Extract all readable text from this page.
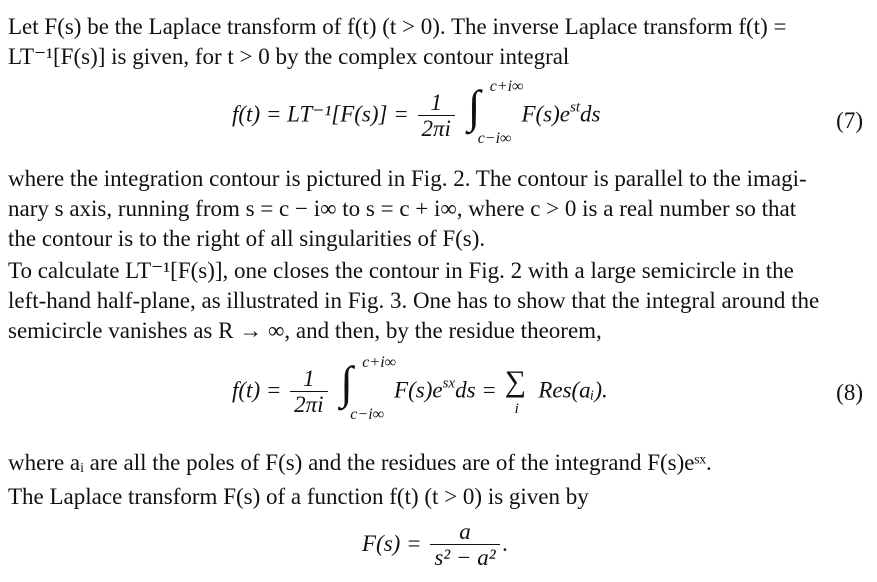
Let F(s) be the Laplace transform of f(t) (t > 0). The inverse Laplace transform f(t) =
LT⁻¹[F(s)] is given, for t > 0 by the complex contour integral
$f(t) = LT^{-1}[F(s)] = \frac{1}{2\pi i}$
∫ c+i∞
c−i∞
$F(s)e^{st}ds$	(7)
where the integration contour is pictured in Fig. 2. The contour is parallel to the imagi-
nary s axis, running from s = c − i∞ to s = c + i∞, where c > 0 is a real number so that
the contour is to the right of all singularities of F(s).
To calculate LT⁻¹[F(s)], one closes the contour in Fig. 2 with a large semicircle in the
left-hand half-plane, as illustrated in Fig. 3. One has to show that the integral around the
semicircle vanishes as R → ∞, and then, by the residue theorem,
$f(t) = \frac{1}{2\pi i}$
∫ c+i∞
c−i∞
$F(s)e^{sx}ds$ = ∑
i
Res(aᵢ).	(8)
where aᵢ are all the poles of F(s) and the residues are of the integrand F(s)eˢˣ.
The Laplace transform F(s) of a function f(t) (t > 0) is given by
$F(s) = \frac{a}{\text{s² − a²}}$ .
